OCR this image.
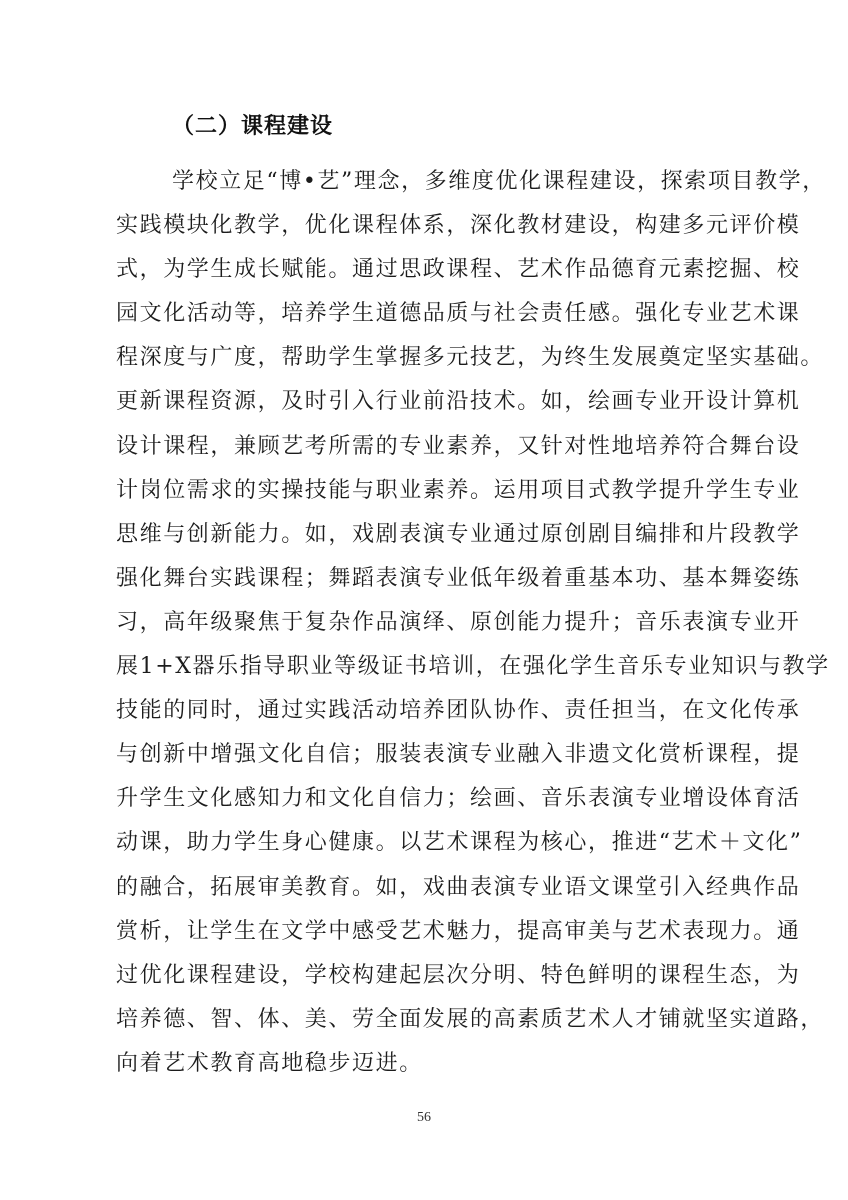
（二）课程建设
学校立足“博•艺”理念，多维度优化课程建设，探索项目教学，
实践模块化教学，优化课程体系，深化教材建设，构建多元评价模
式，为学生成长赋能。通过思政课程、艺术作品德育元素挖掘、校
园文化活动等，培养学生道德品质与社会责任感。强化专业艺术课
程深度与广度，帮助学生掌握多元技艺，为终生发展奠定坚实基础。
更新课程资源，及时引入行业前沿技术。如，绘画专业开设计算机
设计课程，兼顾艺考所需的专业素养，又针对性地培养符合舞台设
计岗位需求的实操技能与职业素养。运用项目式教学提升学生专业
思维与创新能力。如，戏剧表演专业通过原创剧目编排和片段教学
强化舞台实践课程；舞蹈表演专业低年级着重基本功、基本舞姿练
习，高年级聚焦于复杂作品演绎、原创能力提升；音乐表演专业开
展1+X器乐指导职业等级证书培训，在强化学生音乐专业知识与教学
技能的同时，通过实践活动培养团队协作、责任担当，在文化传承
与创新中增强文化自信；服装表演专业融入非遗文化赏析课程，提
升学生文化感知力和文化自信力；绘画、音乐表演专业增设体育活
动课，助力学生身心健康。以艺术课程为核心，推进“艺术＋文化”
的融合，拓展审美教育。如，戏曲表演专业语文课堂引入经典作品
赏析，让学生在文学中感受艺术魅力，提高审美与艺术表现力。通
过优化课程建设，学校构建起层次分明、特色鲜明的课程生态，为
培养德、智、体、美、劳全面发展的高素质艺术人才铺就坚实道路，
向着艺术教育高地稳步迈进。
56
